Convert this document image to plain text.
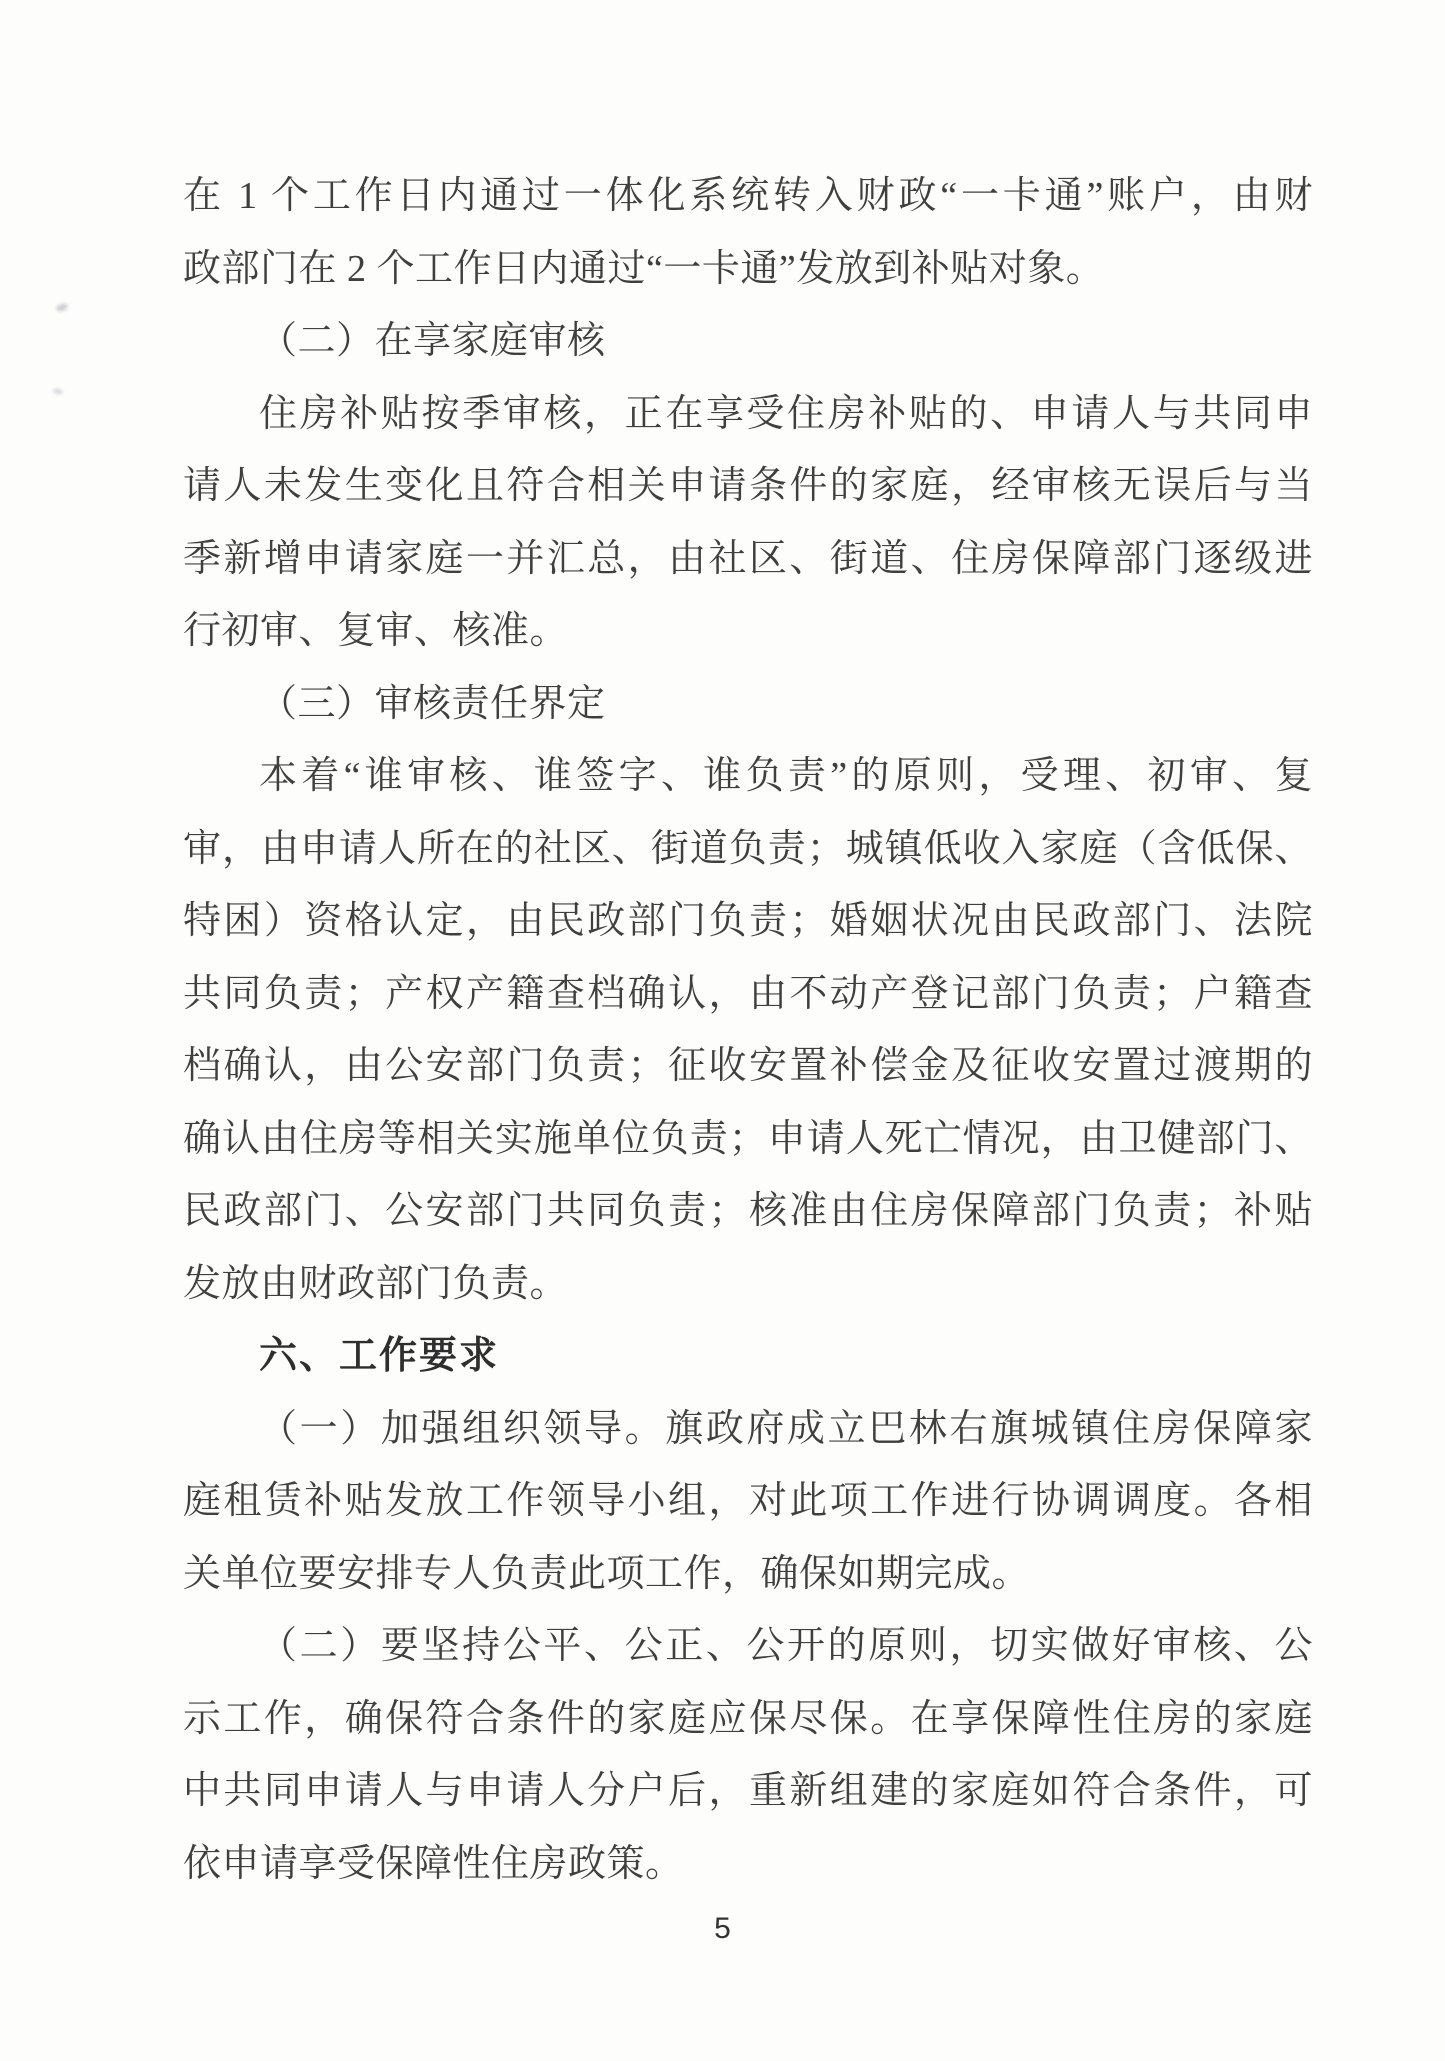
在 1 个工作日内通过一体化系统转入财政“一卡通”账户，由财
政部门在 2 个工作日内通过“一卡通”发放到补贴对象。
（二）在享家庭审核
住房补贴按季审核，正在享受住房补贴的、申请人与共同申
请人未发生变化且符合相关申请条件的家庭，经审核无误后与当
季新增申请家庭一并汇总，由社区、街道、住房保障部门逐级进
行初审、复审、核准。
（三）审核责任界定
本着“谁审核、谁签字、谁负责”的原则，受理、初审、复
审，由申请人所在的社区、街道负责；城镇低收入家庭（含低保、
特困）资格认定，由民政部门负责；婚姻状况由民政部门、法院
共同负责；产权产籍查档确认，由不动产登记部门负责；户籍查
档确认，由公安部门负责；征收安置补偿金及征收安置过渡期的
确认由住房等相关实施单位负责；申请人死亡情况，由卫健部门、
民政部门、公安部门共同负责；核准由住房保障部门负责；补贴
发放由财政部门负责。
六、工作要求
（一）加强组织领导。旗政府成立巴林右旗城镇住房保障家
庭租赁补贴发放工作领导小组，对此项工作进行协调调度。各相
关单位要安排专人负责此项工作，确保如期完成。
（二）要坚持公平、公正、公开的原则，切实做好审核、公
示工作，确保符合条件的家庭应保尽保。在享保障性住房的家庭
中共同申请人与申请人分户后，重新组建的家庭如符合条件，可
依申请享受保障性住房政策。
5
